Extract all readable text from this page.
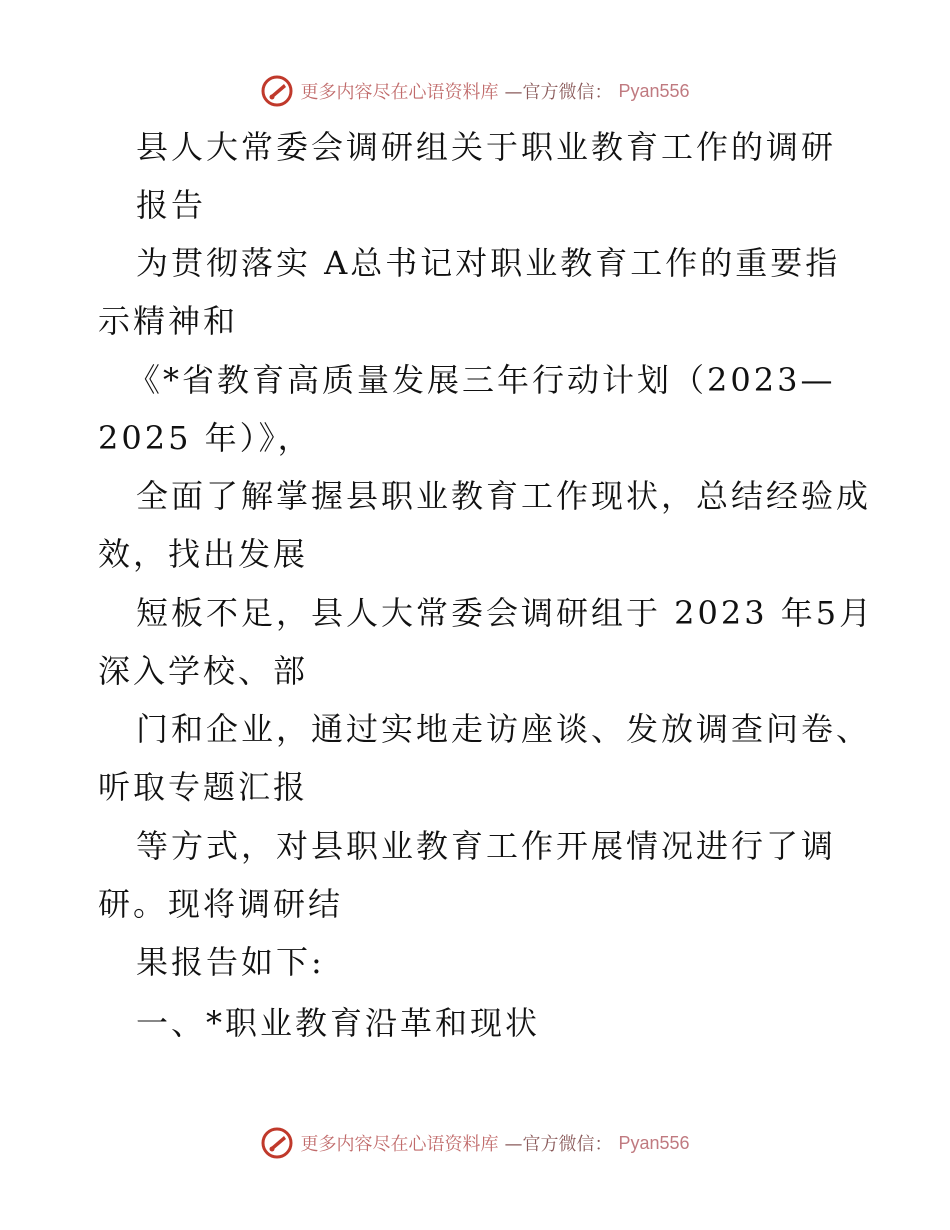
更多内容尽在心语资料库 —官方微信： Pyan556
县人大常委会调研组关于职业教育工作的调研
报告
为贯彻落实 A总书记对职业教育工作的重要指
示精神和
《*省教育高质量发展三年行动计划（2023—
2025 年）》，
全面了解掌握县职业教育工作现状，总结经验成
效，找出发展
短板不足，县人大常委会调研组于 2023 年5月
深入学校、部
门和企业，通过实地走访座谈、发放调查问卷、
听取专题汇报
等方式，对县职业教育工作开展情况进行了调
研。现将调研结
果报告如下:
一、*职业教育沿革和现状
更多内容尽在心语资料库 —官方微信： Pyan556
